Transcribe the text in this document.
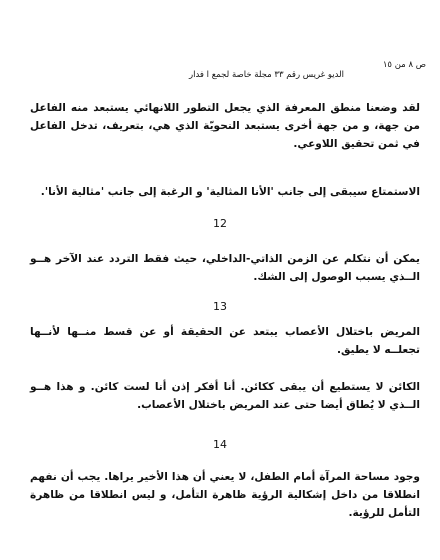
ص ٨ من ١٥
الديو غريس رقم ٣٣ مجلة خاصة لجمع ا فدار
لقد وضعنا منطق المعرفة الذي يجعل التطور اللانهائي يستبعد منه الفاعل من جهة، و من جهة أخرى يستبعد النحويّة الذي هي، بتعريف، تدخل الفاعل في ثمن تحقيق اللاوعي.
الاستمتاع سيبقى إلى جانب 'الأنا المثالية' و الرغبة إلى جانب 'مثالية الأنا'.
12
يمكن أن نتكلم عن الزمن الذاتي-الداخلي، حيث فقط التردد عند الآخر هــو الــذي يسبب الوصول إلى الشك.
13
المريض باختلال الأعصاب يبتعد عن الحقيقة أو عن قسط منــها لأنــها تجعلــه لا يطيق.
الكائن لا يستطيع أن يبقى ككائن. أنا أفكر إذن أنا لست كائن. و هذا هــو الــذي لا يُطاق أيضا حتى عند المريض باختلال الأعصاب.
14
وجود مساحة المرآة أمام الطفل، لا يعني أن هذا الأخير يراها. يجب أن نفهم انطلاقا من داخل إشكالية الرؤية ظاهرة التأمل، و ليس انطلاقا من ظاهرة التأمل للرؤية.
